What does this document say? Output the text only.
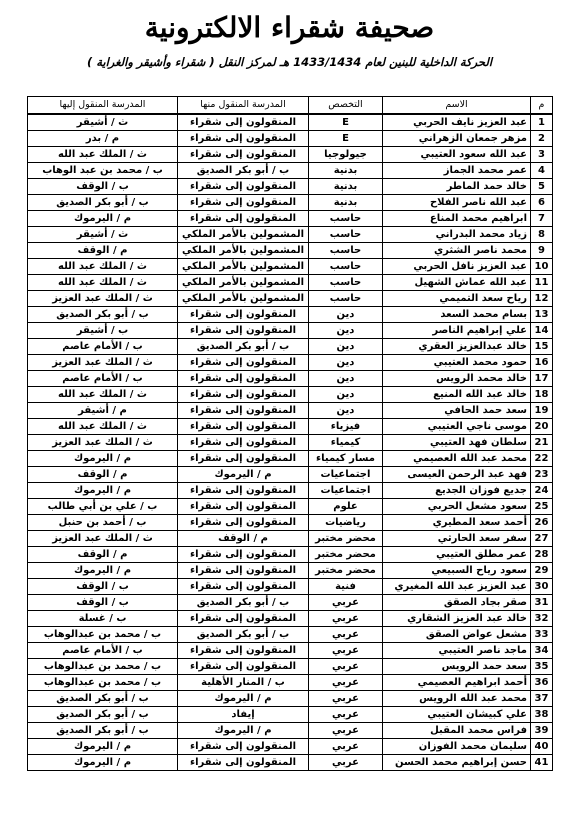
صحيفة شقراء الالكترونية
الحركة الداخلية للبنين لعام 1433/1434 هـ لمركز النقل ( شقراء وأشيقر والغراية )
م	الاسم	التخصص	المدرسة المنقول منها	المدرسة المنقول إليها
1	عبد العزيز نايف الحربي	E	المنقولون إلى شقراء	ث / أشيقر
2	مزهر جمعان الزهراني	E	المنقولون إلى شقراء	م / بدر
3	عبد الله سعود العتيبي	جيولوجيا	المنقولون إلى شقراء	ث / الملك عبد الله
4	عمر محمد الجماز	بدنية	ب / أبو بكر الصديق	ب / محمد بن عبد الوهاب
5	خالد حمد الماطر	بدنية	المنقولون إلى شقراء	ب / الوقف
6	عبد الله ناصر الفلاح	بدنية	المنقولون إلى شقراء	ب / أبو بكر الصديق
7	ابراهيم محمد المناع	حاسب	المنقولون إلى شقراء	م / اليرموك
8	زياد محمد البدراني	حاسب	المشمولين بالأمر الملكي	ث / أشيقر
9	محمد ناصر الشثري	حاسب	المشمولين بالأمر الملكي	م / الوقف
10	عبد العزيز نافل الحربي	حاسب	المشمولين بالأمر الملكي	ث / الملك عبد الله
11	عبد الله عماش الشهيل	حاسب	المشمولين بالأمر الملكي	ث / الملك عبد الله
12	رياح سعد التميمي	حاسب	المشمولين بالأمر الملكي	ث / الملك عبد العزيز
13	بسام محمد السعد	دين	المنقولون إلى شقراء	ب / أبو بكر الصديق
14	علي إبراهيم الناصر	دين	المنقولون إلى شقراء	ب / أشيقر
15	خالد عبدالعزيز العقري	دين	ب / أبو بكر الصديق	ب / الأمام عاصم
16	حمود محمد العتيبي	دين	المنقولون إلى شقراء	ث / الملك عبد العزيز
17	خالد محمد الرويس	دين	المنقولون إلى شقراء	ب / الأمام عاصم
18	خالد عبد الله المنيع	دين	المنقولون إلى شقراء	ث / الملك عبد الله
19	سعد حمد الحافي	دين	المنقولون إلى شقراء	م / أشيقر
20	موسى ناجي العتيبي	فيزياء	المنقولون إلى شقراء	ث / الملك عبد الله
21	سلطان فهد العتيبي	كيمياء	المنقولون إلى شقراء	ث / الملك عبد العزيز
22	محمد عبد الله العصيمي	مسار كيمياء	المنقولون إلى شقراء	م / اليرموك
23	فهد عبد الرحمن العيسى	اجتماعيات	م / اليرموك	م / الوقف
24	جديع فوزان الجديع	اجتماعيات	المنقولون إلى شقراء	م / اليرموك
25	سعود مشعل الحربي	علوم	المنقولون إلى شقراء	ب / علي بن أبي طالب
26	أحمد سعد المطيري	رياضيات	المنقولون إلى شقراء	ب / أحمد بن حنبل
27	سفر سعد الحارثي	محضر مختبر	م / الوقف	ث / الملك عبد العزيز
28	عمر مطلق العتيبي	محضر مختبر	المنقولون إلى شقراء	م / الوقف
29	سعود رياح السبيعي	محضر مختبر	المنقولون إلى شقراء	م / اليرموك
30	عبد العزيز عبد الله المغيري	فنية	المنقولون إلى شقراء	ب / الوقف
31	صقر بجاد الصقق	عربي	ب / أبو بكر الصديق	ب / الوقف
32	خالد عبد العزيز الشقاري	عربي	المنقولون إلى شقراء	ب / غسلة
33	مشعل عواض الصقق	عربي	ب / أبو بكر الصديق	ب / محمد بن عبدالوهاب
34	ماجد ناصر العتيبي	عربي	المنقولون إلى شقراء	ب / الأمام عاصم
35	سعد حمد الرويس	عربي	المنقولون إلى شقراء	ب / محمد بن عبدالوهاب
36	أحمد ابراهيم العصيمي	عربي	ب / المنار الأهلية	ب / محمد بن عبدالوهاب
37	محمد عبد الله الرويس	عربي	م / اليرموك	ب / أبو بكر الصديق
38	علي كبيشان العتيبي	عربي	إيفاد	ب / أبو بكر الصديق
39	فراس محمد المقبل	عربي	م / اليرموك	ب / أبو بكر الصديق
40	سليمان محمد الفوزان	عربي	المنقولون إلى شقراء	م / اليرموك
41	حسن إبراهيم محمد الحسن	عربي	المنقولون إلى شقراء	م / اليرموك
